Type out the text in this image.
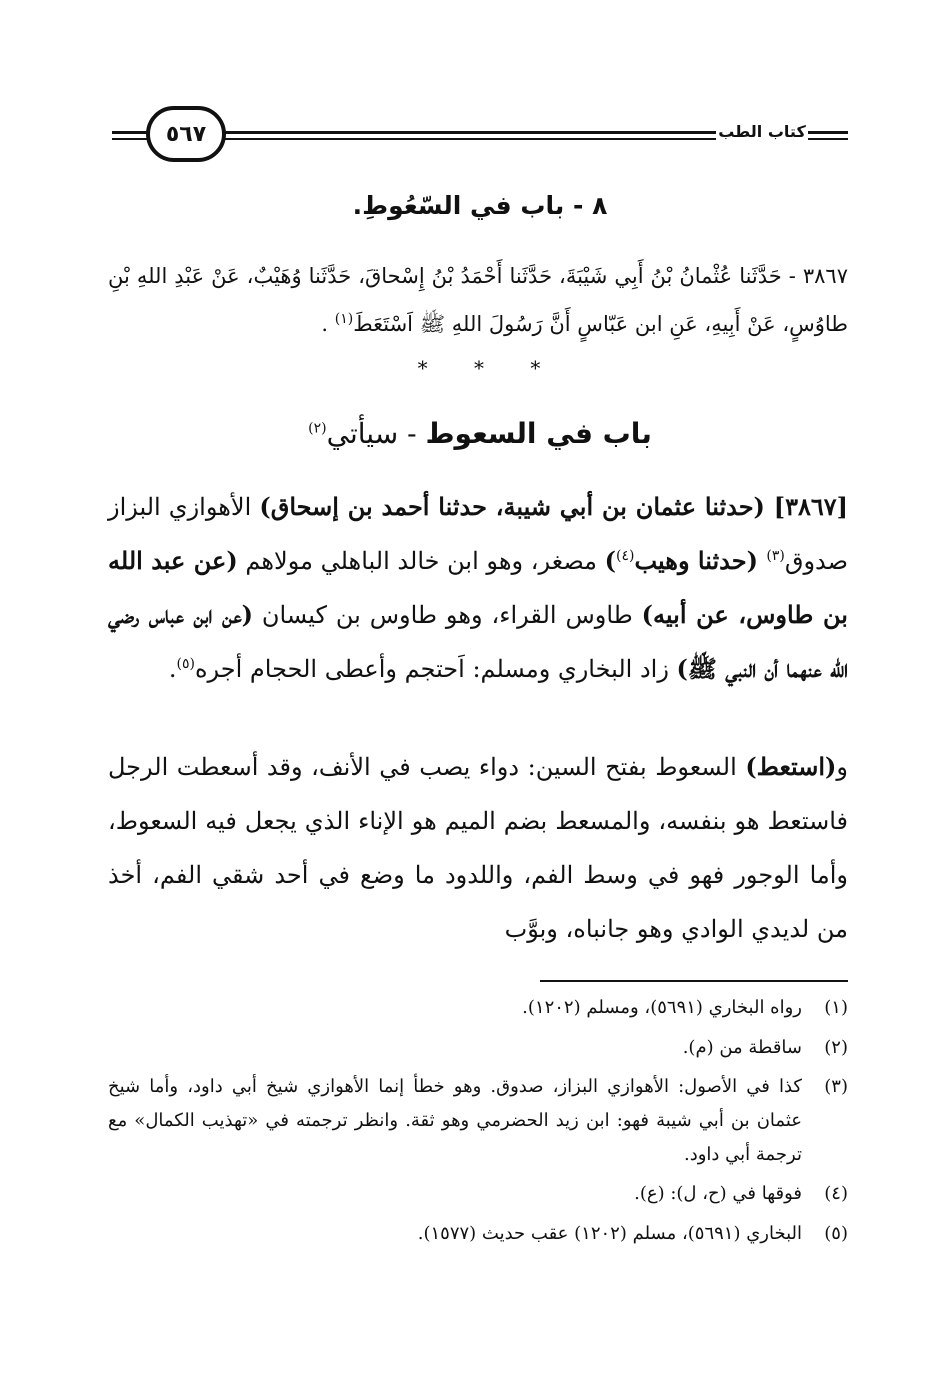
٥٦٧	كتاب الطب
٨ - باب في السّعُوطِ.
٣٨٦٧ - حَدَّثَنا عُثْمانُ بْنُ أَبِي شَيْبَةَ، حَدَّثَنا أَحْمَدُ بْنُ إِسْحاقَ، حَدَّثَنا وُهَيْبٌ، عَنْ عَبْدِ اللهِ بْنِ طاوُسٍ، عَنْ أَبِيهِ، عَنِ ابن عَبّاسٍ أَنَّ رَسُولَ اللهِ ﷺ اَسْتَعَطَ$^{(١)}$ .
* * *
باب في السعوط - سيأتي$^{(٢)}$
[٣٨٦٧] (حدثنا عثمان بن أبي شيبة، حدثنا أحمد بن إسحاق) الأهوازي البزاز صدوق$^{(٣)}$ (حدثنا وهيب$^{(٤)}$) مصغر، وهو ابن خالد الباهلي مولاهم (عن عبد الله بن طاوس، عن أبيه) طاوس القراء، وهو طاوس بن كيسان (عن ابن عباس رضي الله عنهما أن النبي ﷺ) زاد البخاري ومسلم: اَحتجم وأعطى الحجام أجره$^{(٥)}$.
و(استعط) السعوط بفتح السين: دواء يصب في الأنف، وقد أسعطت الرجل فاستعط هو بنفسه، والمسعط بضم الميم هو الإناء الذي يجعل فيه السعوط، وأما الوجور فهو في وسط الفم، واللدود ما وضع في أحد شقي الفم، أخذ من لديدي الوادي وهو جانباه، وبوَّب
(١)
رواه البخاري (٥٦٩١)، ومسلم (١٢٠٢).
(٢)
ساقطة من (م).
(٣)
كذا في الأصول: الأهوازي البزاز، صدوق. وهو خطأ إنما الأهوازي شيخ أبي داود، وأما شيخ عثمان بن أبي شيبة فهو: ابن زيد الحضرمي وهو ثقة. وانظر ترجمته في «تهذيب الكمال» مع ترجمة أبي داود.
(٤)
فوقها في (ح، ل): (ع).
(٥)
البخاري (٥٦٩١)، مسلم (١٢٠٢) عقب حديث (١٥٧٧).
